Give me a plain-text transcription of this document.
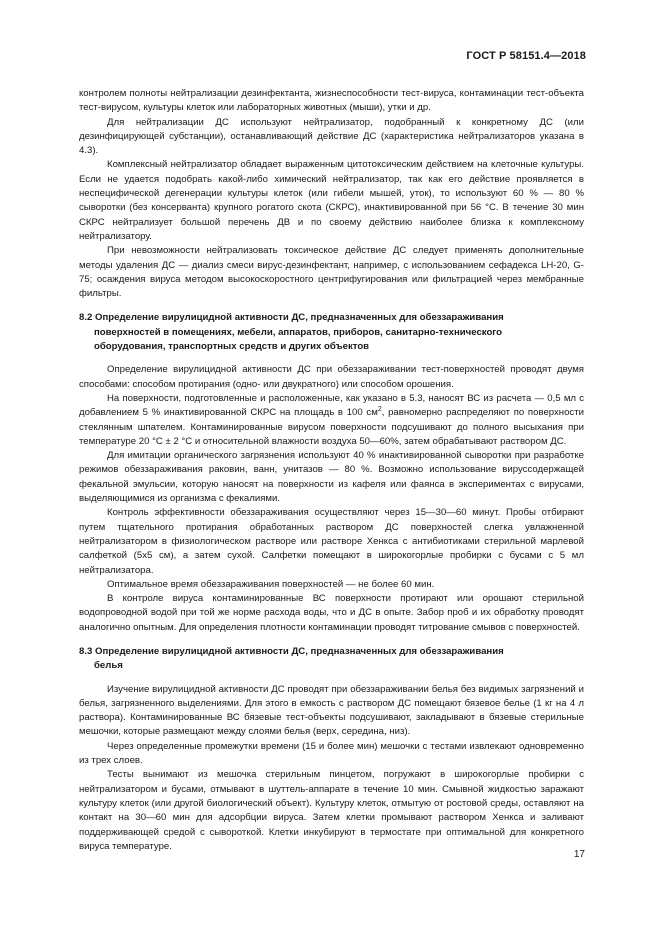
ГОСТ Р 58151.4—2018

контролем полноты нейтрализации дезинфектанта, жизнеспособности тест-вируса, контаминации тест-объекта тест-вирусом, культуры клеток или лабораторных животных (мыши), утки и др.

Для нейтрализации ДС используют нейтрализатор, подобранный к конкретному ДС (или дезинфицирующей субстанции), останавливающий действие ДС (характеристика нейтрализаторов указана в 4.3).

Комплексный нейтрализатор обладает выраженным цитотоксическим действием на клеточные культуры. Если не удается подобрать какой-либо химический нейтрализатор, так как его действие проявляется в неспецифической дегенерации культуры клеток (или гибели мышей, уток), то используют 60 % — 80 % сыворотки (без консерванта) крупного рогатого скота (СКРС), инактивированной при 56 °С. В течение 30 мин СКРС нейтрализует большой перечень ДВ и по своему действию наиболее близка к комплексному нейтрализатору.

При невозможности нейтрализовать токсическое действие ДС следует применять дополнительные методы удаления ДС — диализ смеси вирус-дезинфектант, например, с использованием сефадекса LH-20, G-75; осаждения вируса методом высокоскоростного центрифугирования или фильтрацией через мембранные фильтры.

8.2 Определение вирулицидной активности ДС, предназначенных для обеззараживания
поверхностей в помещениях, мебели, аппаратов, приборов, санитарно-технического
оборудования, транспортных средств и других объектов

Определение вирулицидной активности ДС при обеззараживании тест-поверхностей проводят двумя способами: способом протирания (одно- или двукратного) или способом орошения.

На поверхности, подготовленные и расположенные, как указано в 5.3, наносят ВС из расчета — 0,5 мл с добавлением 5 % инактивированной СКРС на площадь в 100 $см^2$, равномерно распределяют по поверхности стеклянным шпателем. Контаминированные вирусом поверхности подсушивают до полного высыхания при температуре 20 °С ± 2 °С и относительной влажности воздуха 50—60%, затем обрабатывают раствором ДС.

Для имитации органического загрязнения используют 40 % инактивированной сыворотки при разработке режимов обеззараживания раковин, ванн, унитазов — 80 %. Возможно использование вируссодержащей фекальной эмульсии, которую наносят на поверхности из кафеля или фаянса в экспериментах с вирусами, выделяющимися из организма с фекалиями.

Контроль эффективности обеззараживания осуществляют через 15—30—60 минут. Пробы отбирают путем тщательного протирания обработанных раствором ДС поверхностей слегка увлажненной нейтрализатором в физиологическом растворе или растворе Хенкса с антибиотиками стерильной марлевой салфеткой (5х5 см), а затем сухой. Салфетки помещают в широкогорлые пробирки с бусами с 5 мл нейтрализатора.

Оптимальное время обеззараживания поверхностей — не более 60 мин.

В контроле вируса контаминированные ВС поверхности протирают или орошают стерильной водопроводной водой при той же норме расхода воды, что и ДС в опыте. Забор проб и их обработку проводят аналогично опытным. Для определения плотности контаминации проводят титрование смывов с поверхностей.

8.3 Определение вирулицидной активности ДС, предназначенных для обеззараживания
белья

Изучение вирулицидной активности ДС проводят при обеззараживании белья без видимых загрязнений и белья, загрязненного выделениями. Для этого в емкость с раствором ДС помещают бязевое белье (1 кг на 4 л раствора). Контаминированные ВС бязевые тест-объекты подсушивают, закладывают в бязевые стерильные мешочки, которые размещают между слоями белья (верх, середина, низ).

Через определенные промежутки времени (15 и более мин) мешочки с тестами извлекают одновременно из трех слоев.

Тесты вынимают из мешочка стерильным пинцетом, погружают в широкогорлые пробирки с нейтрализатором и бусами, отмывают в шуттель-аппарате в течение 10 мин. Смывной жидкостью заражают культуру клеток (или другой биологический объект). Культуру клеток, отмытую от ростовой среды, оставляют на контакт на 30—60 мин для адсорбции вируса. Затем клетки промывают раствором Хенкса и заливают поддерживающей средой с сывороткой. Клетки инкубируют в термостате при оптимальной для конкретного вируса температуре.

17
